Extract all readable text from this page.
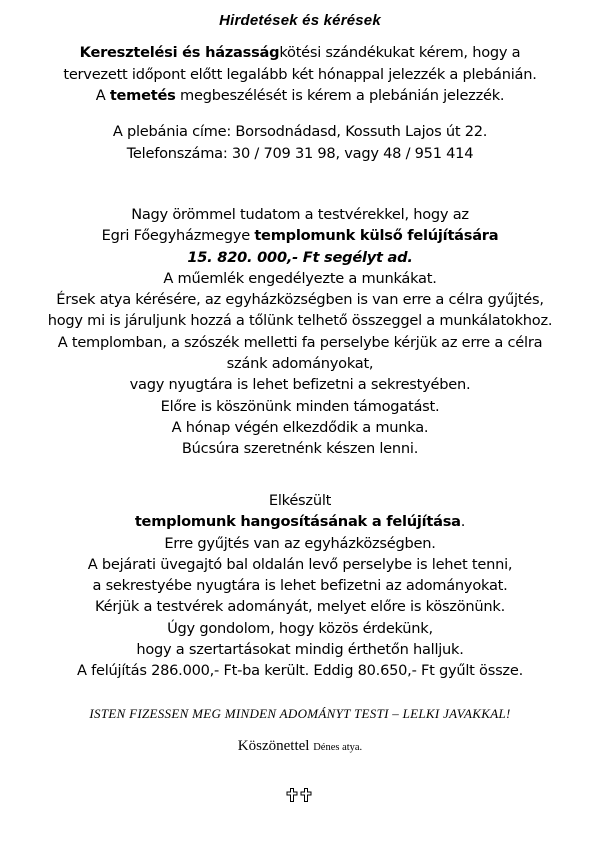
Hirdetések és kérések
Keresztelési és házasságkötési szándékukat kérem, hogy a
tervezett időpont előtt legalább két hónappal jelezzék a plebánián.
A temetés megbeszélését is kérem a plebánián jelezzék.
A plebánia címe: Borsodnádasd, Kossuth Lajos út 22.
Telefonszáma: 30 / 709 31 98, vagy 48 / 951 414
Nagy örömmel tudatom a testvérekkel, hogy az
Egri Főegyházmegye templomunk külső felújítására
15. 820. 000,- Ft segélyt ad.
A műemlék engedélyezte a munkákat.
Érsek atya kérésére, az egyházközségben is van erre a célra gyűjtés,
hogy mi is járuljunk hozzá a tőlünk telhető összeggel a munkálatokhoz.
A templomban, a szószék melletti fa perselybe kérjük az erre a célra
szánk adományokat,
vagy nyugtára is lehet befizetni a sekrestyében.
Előre is köszönünk minden támogatást.
A hónap végén elkezdődik a munka.
Búcsúra szeretnénk készen lenni.
Elkészült
templomunk hangosításának a felújítása.
Erre gyűjtés van az egyházközségben.
A bejárati üvegajtó bal oldalán levő perselybe is lehet tenni,
a sekrestyébe nyugtára is lehet befizetni az adományokat.
Kérjük a testvérek adományát, melyet előre is köszönünk.
Úgy gondolom, hogy közös érdekünk,
hogy a szertartásokat mindig érthetőn halljuk.
A felújítás 286.000,- Ft-ba került. Eddig 80.650,- Ft gyűlt össze.
ISTEN FIZESSEN MEG MINDEN ADOMÁNYT TESTI – LELKI JAVAKKAL!
Köszönettel Dénes atya.
